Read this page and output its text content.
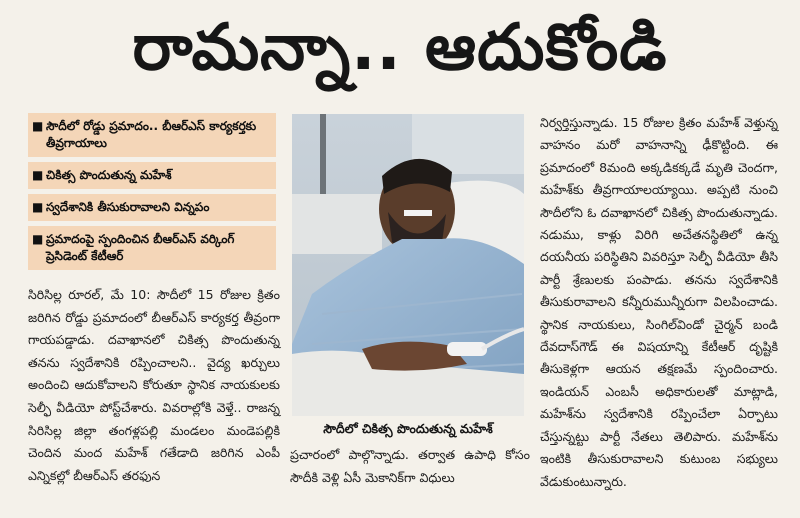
రామన్నా.. ఆదుకోండి
■ సౌదీలో రోడ్డు ప్రమాదం.. బీఆర్‌ఎస్ కార్యకర్తకు తీవ్రగాయాలు
■ చికిత్స పొందుతున్న మహేశ్
■ స్వదేశానికి తీసుకురావాలని విన్నపం
■ ప్రమాదంపై స్పందించిన బీఆర్‌ఎస్ వర్కింగ్ ప్రెసిడెంట్ కేటీఆర్

సిరిసిల్ల రూరల్, మే 10: సౌదీలో 15 రోజుల క్రితం జరిగిన రోడ్డు ప్రమాదంలో బీఆర్‌ఎస్ కార్యకర్త తీవ్రంగా గాయపడ్డాడు. దవాఖానలో చికిత్స పొందుతున్న తనను స్వదేశానికి రప్పించాలని.. వైద్య ఖర్చులు అందించి ఆదుకోవాలని కోరుతూ స్థానిక నాయకులకు సెల్ఫీ వీడియో పోస్ట్‌చేశారు. వివరాల్లోకి వెళ్తే.. రాజన్న సిరిసిల్ల జిల్లా తంగళ్లపల్లి మండలం మండెపల్లికి చెందిన మంద మహేశ్ గతేడాది జరిగిన ఎంపీ ఎన్నికల్లో బీఆర్‌ఎస్ తరఫున

సౌదీలో చికిత్స పొందుతున్న మహేశ్

ప్రచారంలో పాల్గొన్నాడు. తర్వాత ఉపాధి కోసం సౌదీకి వెళ్లి ఏసీ మెకానిక్‌గా విధులు

నిర్వర్తిస్తున్నాడు. 15 రోజుల క్రితం మహేశ్ వెళ్తున్న వాహనం మరో వాహనాన్ని ఢీకొట్టింది. ఈ ప్రమాదంలో 8మంది అక్కడికక్కడే మృతి చెందగా, మహేశ్‌కు తీవ్రగాయాలయ్యాయి. అప్పటి నుంచి సౌదీలోని ఓ దవాఖానలో చికిత్స పొందుతున్నాడు. నడుము, కాళ్లు విరిగి అచేతనస్థితిలో ఉన్న దయనీయ పరిస్థితిని వివరిస్తూ సెల్ఫీ వీడియో తీసి పార్టీ శ్రేణులకు పంపాడు. తనను స్వదేశానికి తీసుకురావాలని కన్నీరుమున్నీరుగా విలపించాడు. స్థానిక నాయకులు, సింగిల్‌విండో చైర్మన్ బండి దేవదాస్‌గౌడ్ ఈ విషయాన్ని కేటీఆర్ దృష్టికి తీసుకెళ్లగా ఆయన తక్షణమే స్పందించారు. ఇండియన్ ఎంబసీ అధికారులతో మాట్లాడి, మహేశ్‌ను స్వదేశానికి రప్పించేలా ఏర్పాటు చేస్తున్నట్టు పార్టీ నేతలు తెలిపారు. మహేశ్‌ను ఇంటికి తీసుకురావాలని కుటుంబ సభ్యులు వేడుకుంటున్నారు.
